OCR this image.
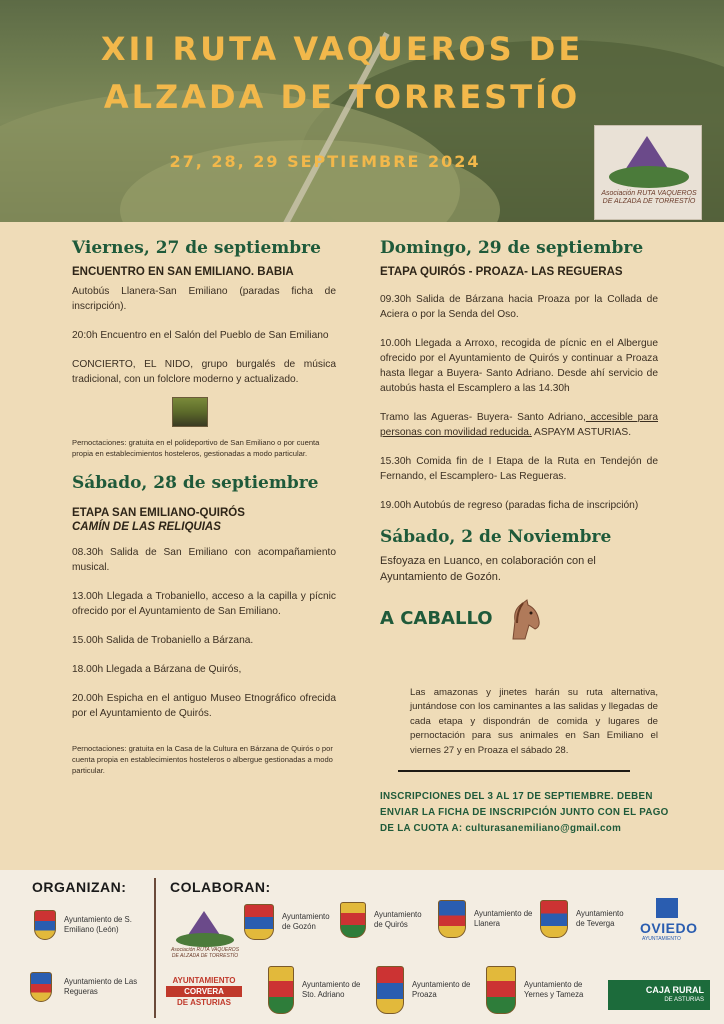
XII RUTA VAQUEROS DE
ALZADA DE TORRESTÍO
27, 28, 29 SEPTIEMBRE 2024
Asociación RUTA VAQUEROS DE ALZADA DE TORRESTÍO
Viernes, 27 de septiembre
ENCUENTRO EN SAN EMILIANO. BABIA
Autobús Llanera-San Emiliano (paradas ficha de inscripción).
20:0h Encuentro en el Salón del Pueblo de San Emiliano
CONCIERTO, EL NIDO, grupo burgalés de música tradicional, con un folclore moderno y actualizado.
Pernoctaciones: gratuita en el polideportivo de San Emiliano o por cuenta propia en establecimientos hosteleros, gestionadas a modo particular.
Sábado, 28 de septiembre
ETAPA SAN EMILIANO-QUIRÓS
CAMÍN DE LAS RELIQUIAS
08.30h Salida de San Emiliano con acompañamiento musical.
13.00h Llegada a Trobaniello, acceso a la capilla y pícnic ofrecido por el Ayuntamiento de San Emiliano.
15.00h Salida de Trobaniello a Bárzana.
18.00h Llegada a Bárzana de Quirós,
20.00h Espicha en el antiguo Museo Etnográfico ofrecida por el Ayuntamiento de Quirós.
Pernoctaciones: gratuita en la Casa de la Cultura en Bárzana de Quirós o por cuenta propia en establecimientos hosteleros o albergue gestionadas a modo particular.
Domingo, 29 de septiembre
ETAPA QUIRÓS - PROAZA- LAS REGUERAS
09.30h Salida de Bárzana hacia Proaza por la Collada de Aciera o por la Senda del Oso.
10.00h Llegada a Arroxo, recogida de pícnic en el Albergue ofrecido por el Ayuntamiento de Quirós y continuar a Proaza hasta llegar a Buyera- Santo Adriano. Desde ahí servicio de autobús hasta el Escamplero a las 14.30h
Tramo las Agueras- Buyera- Santo Adriano, accesible para personas con movilidad reducida. ASPAYM ASTURIAS.
15.30h Comida fin de I Etapa de la Ruta en Tendejón de Fernando, el Escamplero- Las Regueras.
19.00h Autobús de regreso (paradas ficha de inscripción)
Sábado, 2 de Noviembre
Esfoyaza en Luanco, en colaboración con el Ayuntamiento de Gozón.
A CABALLO
Las amazonas y jinetes harán su ruta alternativa, juntándose con los caminantes a las salidas y llegadas de cada etapa y dispondrán de comida y lugares de pernoctación para sus animales en San Emiliano el viernes 27 y en Proaza el sábado 28.
INSCRIPCIONES DEL 3 AL 17 DE SEPTIEMBRE. DEBEN ENVIAR LA FICHA DE INSCRIPCIÓN JUNTO CON EL PAGO DE LA CUOTA A: culturasanemiliano@gmail.com
ORGANIZAN:	COLABORAN:
Ayuntamiento de S. Emiliano (León)
Ayuntamiento de Las Regueras
Asociación RUTA VAQUEROS DE ALZADA DE TORRESTÍO
Ayuntamiento de Gozón
Ayuntamiento de Quirós
Ayuntamiento de Llanera
Ayuntamiento de Teverga	OVIEDO
AYUNTAMIENTO
AYUNTAMIENTO
CORVERA
DE ASTURIAS
Ayuntamiento de Sto. Adriano
Ayuntamiento de Proaza
Ayuntamiento de Yernes y Tameza	CAJA RURAL
DE ASTURIAS
